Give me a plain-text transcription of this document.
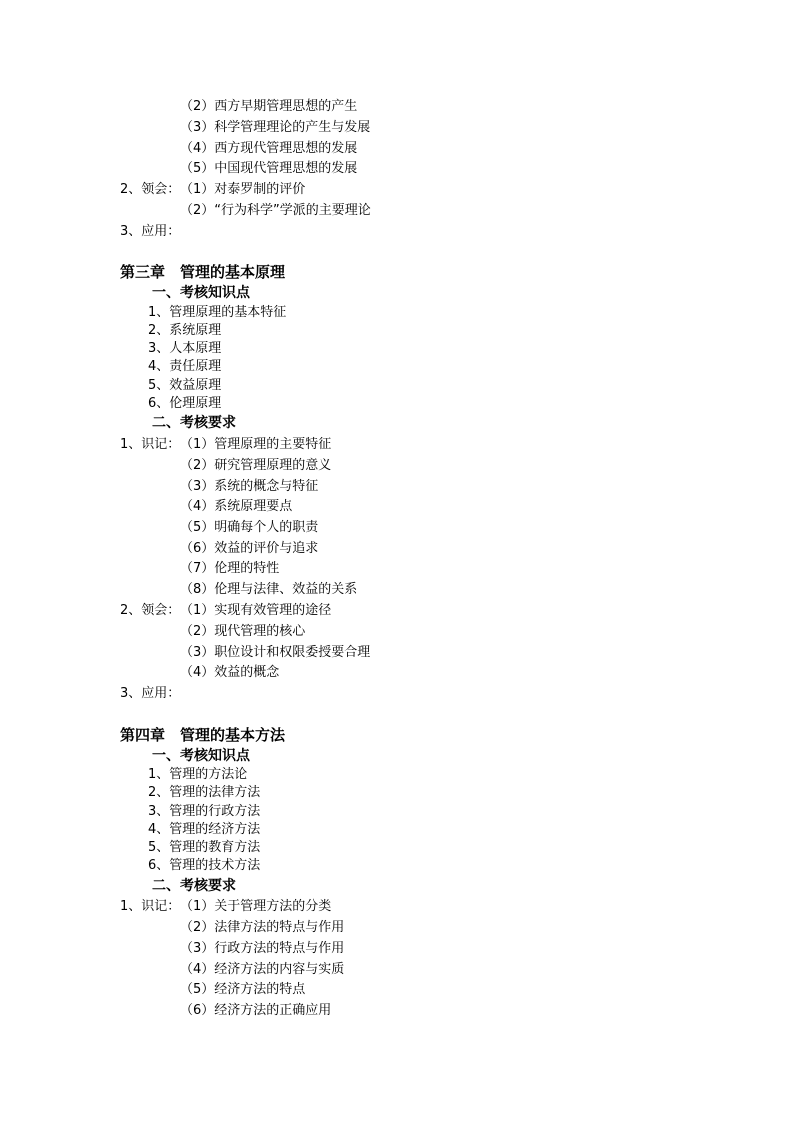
（2）西方早期管理思想的产生
（3）科学管理理论的产生与发展
（4）西方现代管理思想的发展
（5）中国现代管理思想的发展
2、领会： （1）对泰罗制的评价
（2）“行为科学”学派的主要理论
3、应用：
第三章　管理的基本原理
一、考核知识点
1、管理原理的基本特征
2、系统原理
3、人本原理
4、责任原理
5、效益原理
6、伦理原理
二、考核要求
1、识记： （1）管理原理的主要特征
（2）研究管理原理的意义
（3）系统的概念与特征
（4）系统原理要点
（5）明确每个人的职责
（6）效益的评价与追求
（7）伦理的特性
（8）伦理与法律、效益的关系
2、领会： （1）实现有效管理的途径
（2）现代管理的核心
（3）职位设计和权限委授要合理
（4）效益的概念
3、应用：
第四章　管理的基本方法
一、考核知识点
1、管理的方法论
2、管理的法律方法
3、管理的行政方法
4、管理的经济方法
5、管理的教育方法
6、管理的技术方法
二、考核要求
1、识记： （1）关于管理方法的分类
（2）法律方法的特点与作用
（3）行政方法的特点与作用
（4）经济方法的内容与实质
（5）经济方法的特点
（6）经济方法的正确应用
